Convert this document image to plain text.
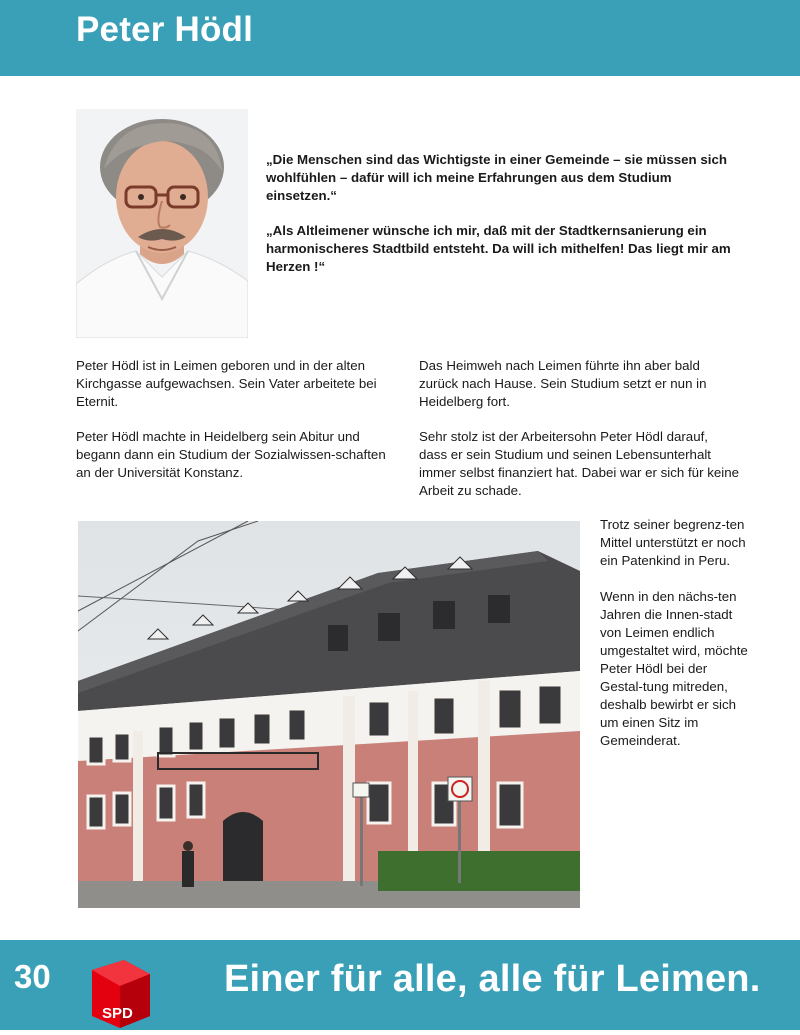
Peter Hödl
„Die Menschen sind das Wichtigste in einer Gemeinde – sie müssen sich wohlfühlen – dafür will ich meine Erfahrungen aus dem Studium einsetzen.“
„Als Altleimener wünsche ich mir, daß mit der Stadtkernsanierung ein harmonischeres Stadtbild entsteht. Da will ich mithelfen! Das liegt mir am Herzen !“

Peter Hödl ist in Leimen geboren und in der alten Kirchgasse aufgewachsen. Sein Vater arbeitete bei Eternit.

Peter Hödl machte in Heidelberg sein Abitur und begann dann ein Studium der Sozialwissen-schaften an der Universität Konstanz.

Das Heimweh nach Leimen führte ihn aber bald zurück nach Hause. Sein Studium setzt er nun in Heidelberg fort.

Sehr stolz ist der Arbeitersohn Peter Hödl darauf, dass er sein Studium und seinen Lebensunterhalt immer selbst finanziert hat. Dabei war er sich für keine Arbeit zu schade.

Trotz seiner begrenz-ten Mittel unterstützt er noch ein Patenkind in Peru.

Wenn in den nächs-ten Jahren die Innen-stadt von Leimen endlich umgestaltet wird, möchte Peter Hödl bei der Gestal-tung mitreden, deshalb bewirbt er sich um einen Sitz im Gemeinderat.

30
SPD
Einer für alle, alle für Leimen.
